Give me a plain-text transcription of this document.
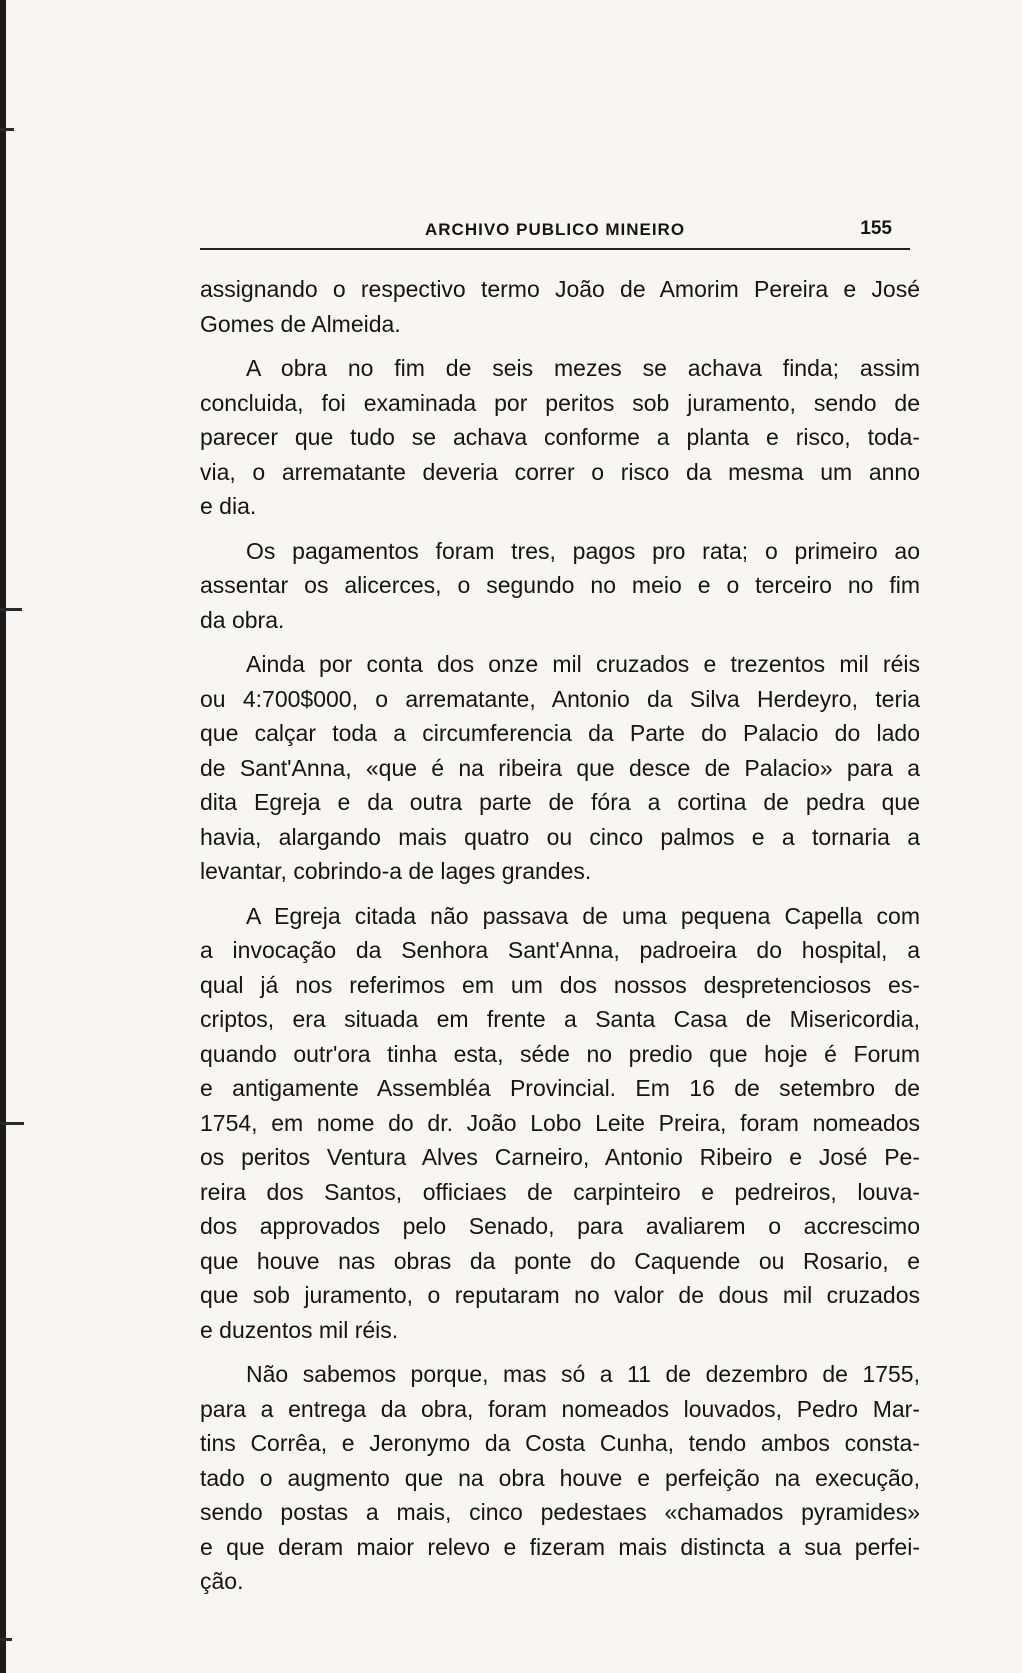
ARCHIVO PUBLICO MINEIRO	155
assignando o respectivo termo João de Amorim Pereira e José
Gomes de Almeida.
A obra no fim de seis mezes se achava finda; assim
concluida, foi examinada por peritos sob juramento, sendo de
parecer que tudo se achava conforme a planta e risco, toda-
via, o arrematante deveria correr o risco da mesma um anno
e dia.
Os pagamentos foram tres, pagos pro rata; o primeiro ao
assentar os alicerces, o segundo no meio e o terceiro no fim
da obra.
Ainda por conta dos onze mil cruzados e trezentos mil réis
ou 4:700$000, o arrematante, Antonio da Silva Herdeyro, teria
que calçar toda a circumferencia da Parte do Palacio do lado
de Sant'Anna, «que é na ribeira que desce de Palacio» para a
dita Egreja e da outra parte de fóra a cortina de pedra que
havia, alargando mais quatro ou cinco palmos e a tornaria a
levantar, cobrindo-a de lages grandes.
A Egreja citada não passava de uma pequena Capella com
a invocação da Senhora Sant'Anna, padroeira do hospital, a
qual já nos referimos em um dos nossos despretenciosos es-
criptos, era situada em frente a Santa Casa de Misericordia,
quando outr'ora tinha esta, séde no predio que hoje é Forum
e antigamente Assembléa Provincial. Em 16 de setembro de
1754, em nome do dr. João Lobo Leite Preira, foram nomeados
os peritos Ventura Alves Carneiro, Antonio Ribeiro e José Pe-
reira dos Santos, officiaes de carpinteiro e pedreiros, louva-
dos approvados pelo Senado, para avaliarem o accrescimo
que houve nas obras da ponte do Caquende ou Rosario, e
que sob juramento, o reputaram no valor de dous mil cruzados
e duzentos mil réis.
Não sabemos porque, mas só a 11 de dezembro de 1755,
para a entrega da obra, foram nomeados louvados, Pedro Mar-
tins Corrêa, e Jeronymo da Costa Cunha, tendo ambos consta-
tado o augmento que na obra houve e perfeição na execução,
sendo postas a mais, cinco pedestaes «chamados pyramides»
e que deram maior relevo e fizeram mais distincta a sua perfei-
ção.
